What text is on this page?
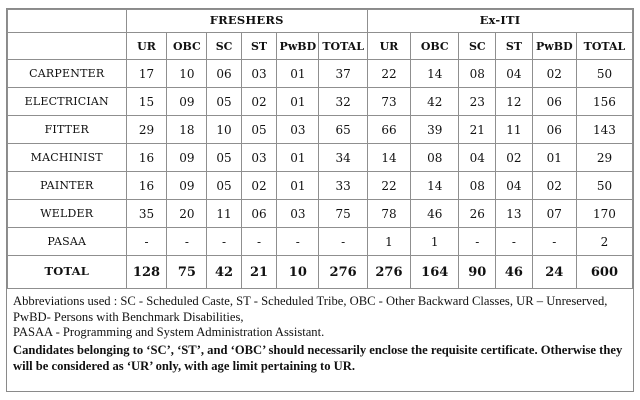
	FRESHERS						Ex-ITI					
	UR	OBC	SC	ST	PwBD	TOTAL	UR	OBC	SC	ST	PwBD	TOTAL
CARPENTER	17	10	06	03	01	37	22	14	08	04	02	50
ELECTRICIAN	15	09	05	02	01	32	73	42	23	12	06	156
FITTER	29	18	10	05	03	65	66	39	21	11	06	143
MACHINIST	16	09	05	03	01	34	14	08	04	02	01	29
PAINTER	16	09	05	02	01	33	22	14	08	04	02	50
WELDER	35	20	11	06	03	75	78	46	26	13	07	170
PASAA	-	-	-	-	-	-	1	1	-	-	-	2
TOTAL	128	75	42	21	10	276	276	164	90	46	24	600

Abbreviations used : SC - Scheduled Caste, ST - Scheduled Tribe, OBC - Other Backward Classes, UR – Unreserved, PwBD- Persons with Benchmark Disabilities,

PASAA - Programming and System Administration Assistant.

Candidates belonging to ‘SC’, ‘ST’, and ‘OBC’ should necessarily enclose the requisite certificate. Otherwise they will be considered as ‘UR’ only, with age limit pertaining to UR.
